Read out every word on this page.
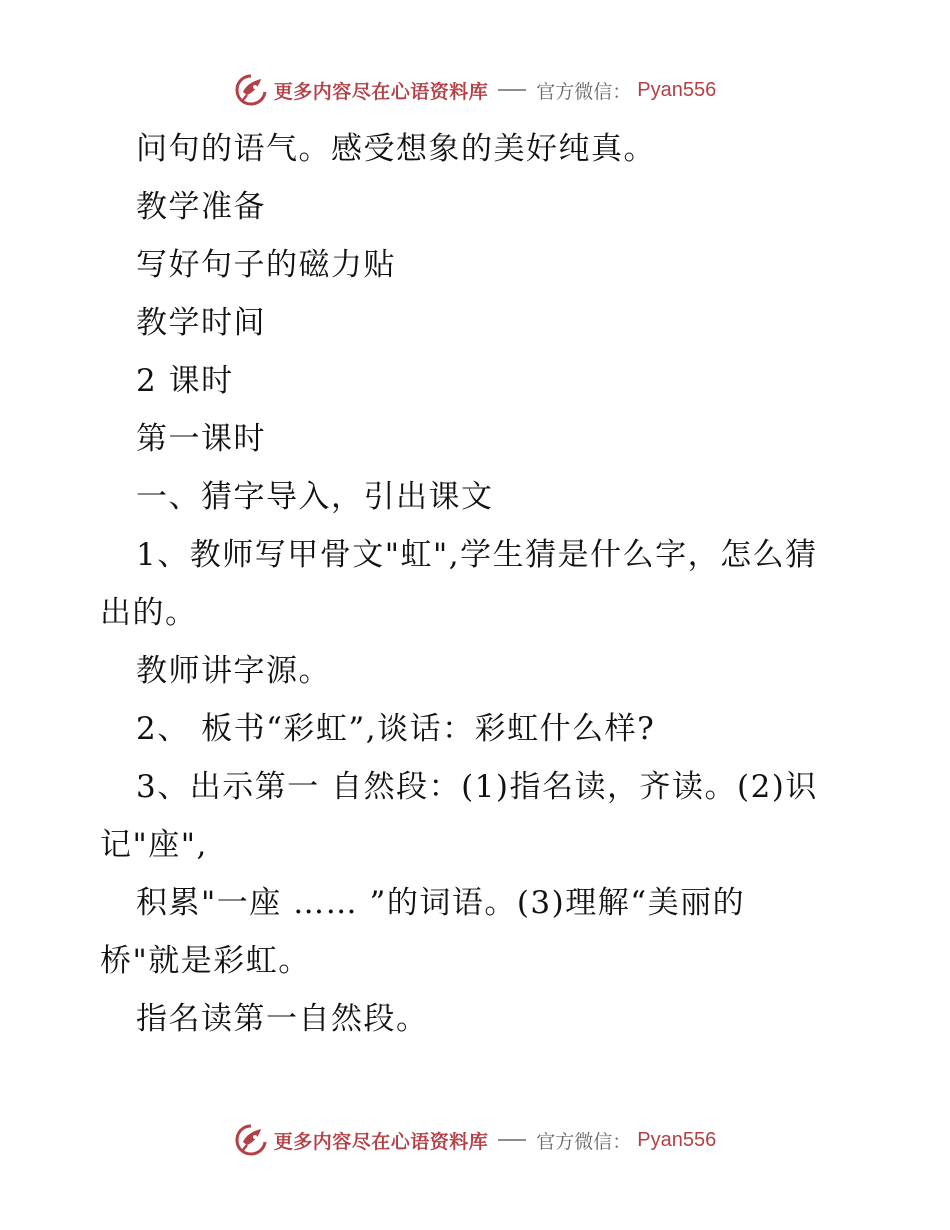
更多内容尽在心语资料库	官方微信： Pyan556
问句的语气。感受想象的美好纯真。
教学准备
写好句子的磁力贴
教学时间
2 课时
第一课时
一、猜字导入，引出课文
1、教师写甲骨文"虹",学生猜是什么字，怎么猜
出的。
教师讲字源。
2、 板书“彩虹”,谈话：彩虹什么样?
3、出示第一 自然段：(1)指名读，齐读。(2)识
记"座",
积累"一座 …… ”的词语。(3)理解“美丽的
桥"就是彩虹。
指名读第一自然段。
更多内容尽在心语资料库	官方微信： Pyan556
